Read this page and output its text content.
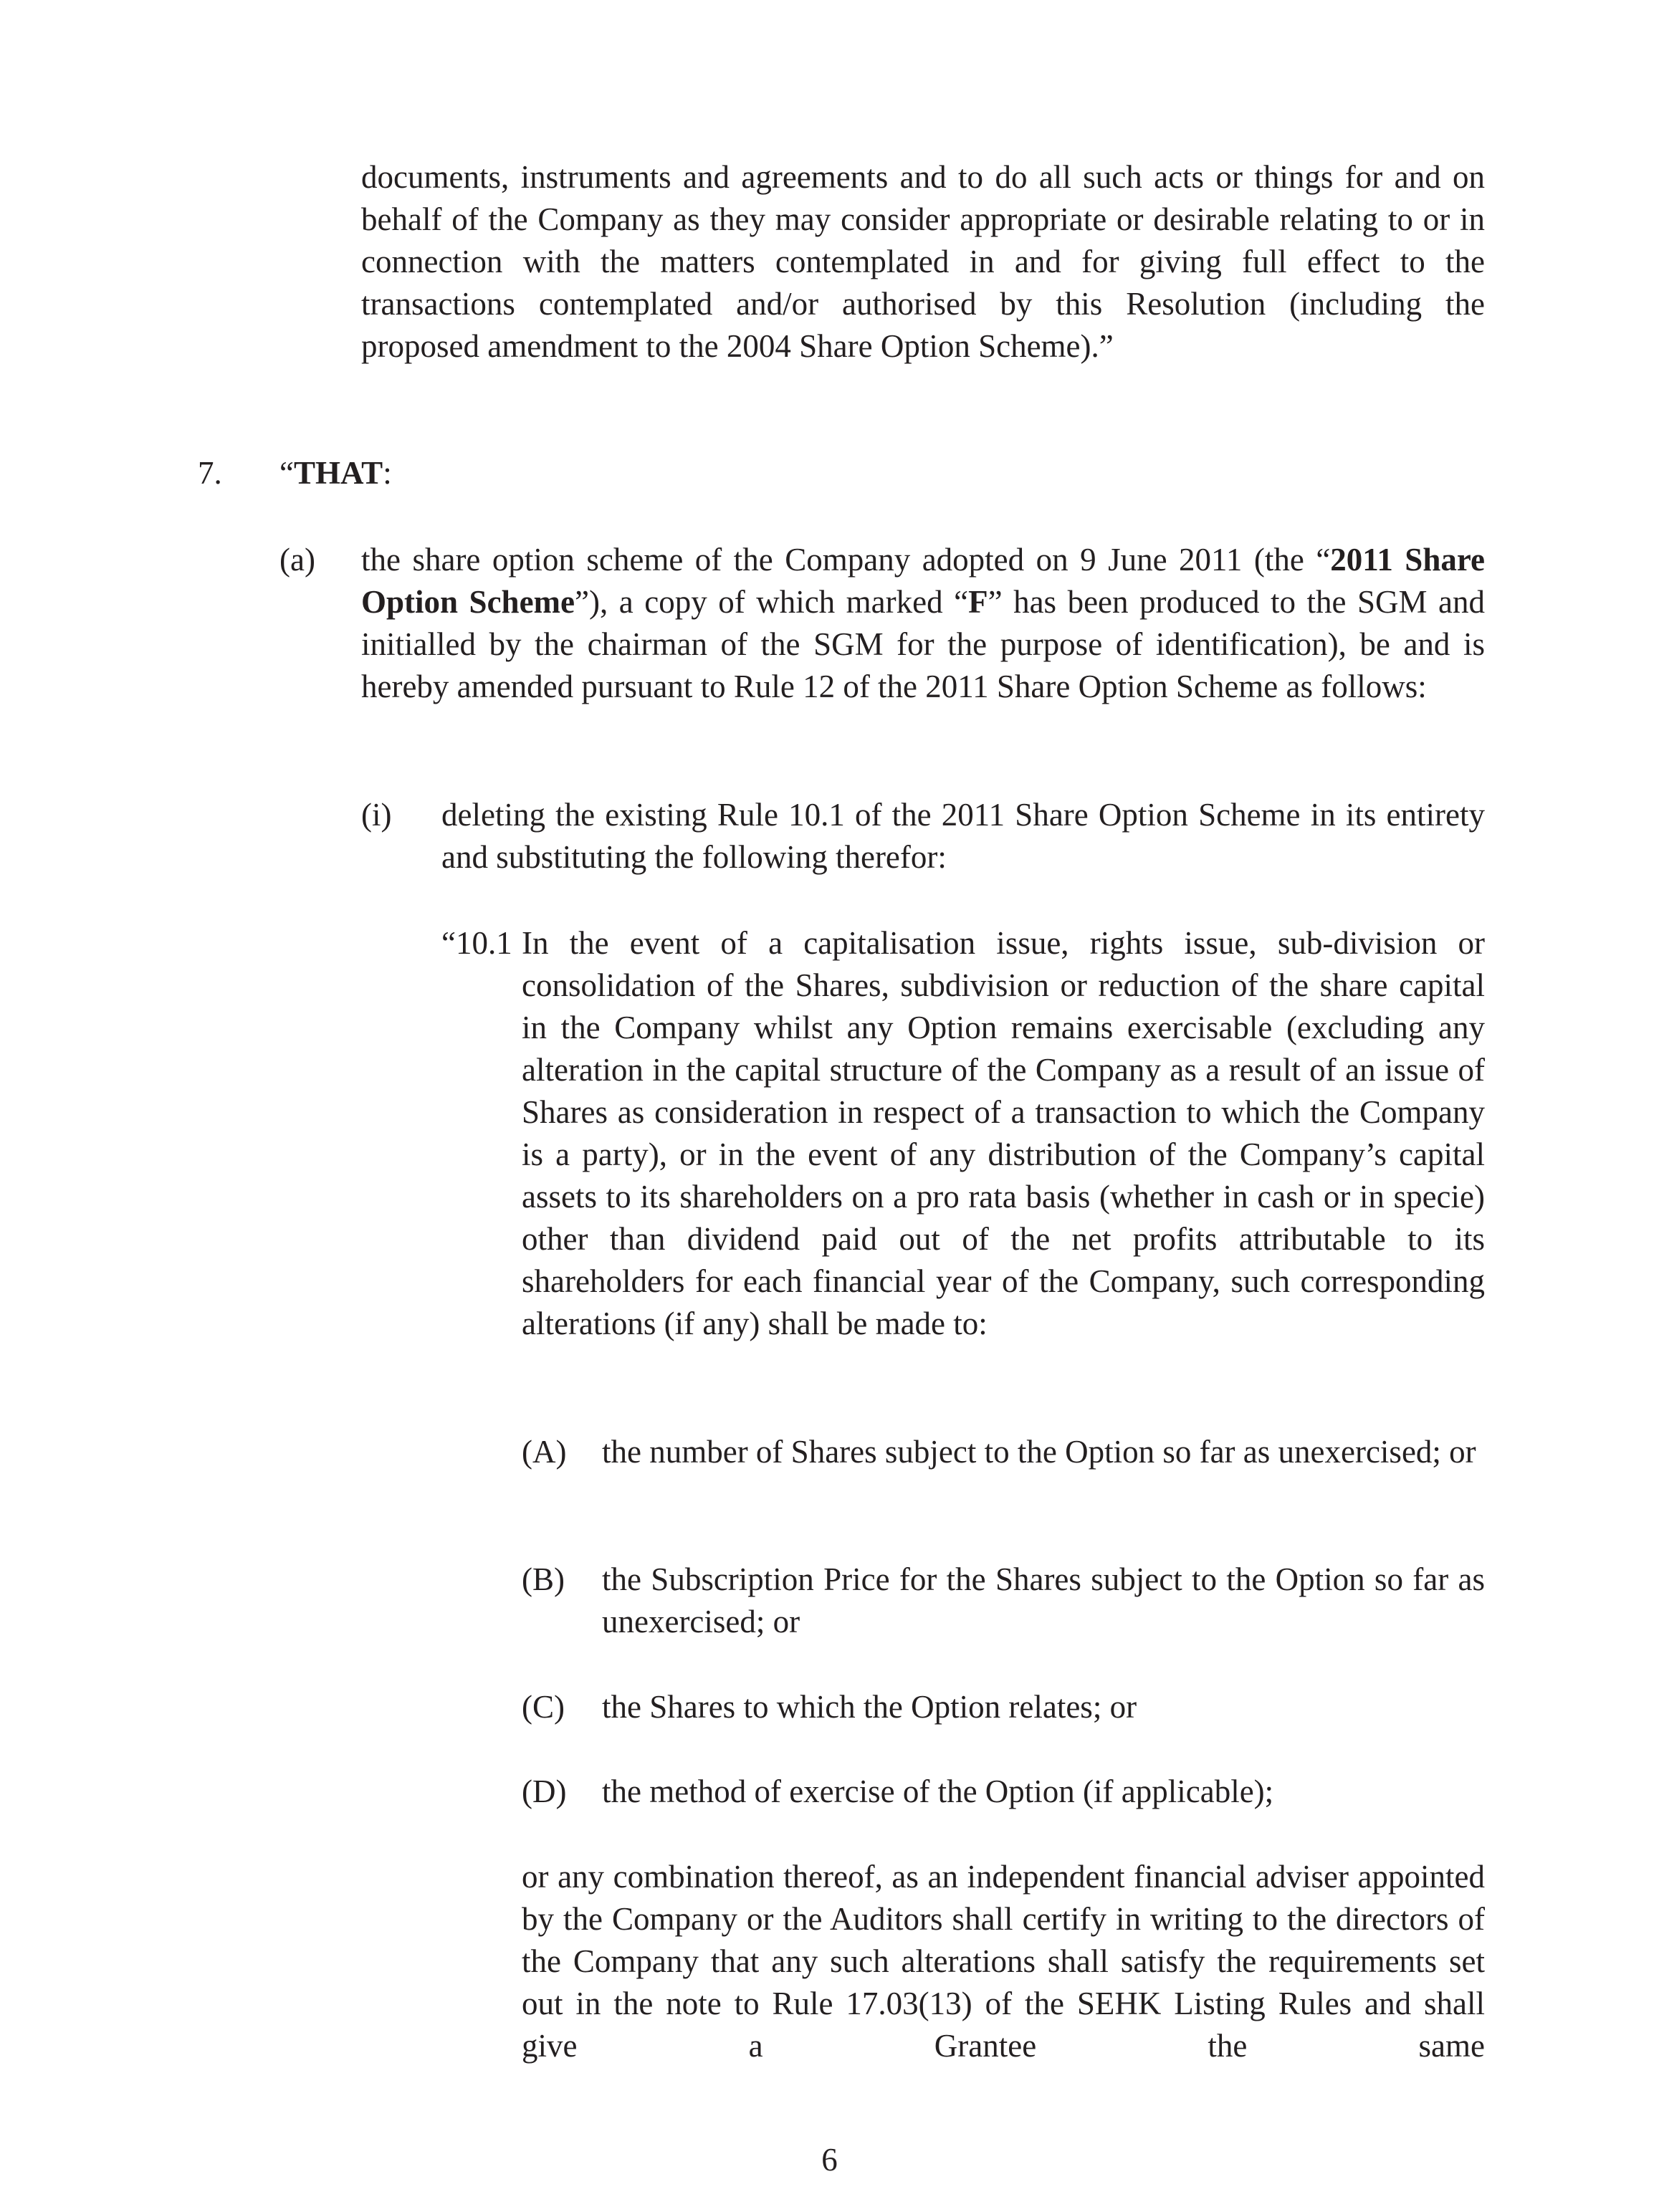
documents, instruments and agreements and to do all such acts or things for and on behalf of the Company as they may consider appropriate or desirable relating to or in connection with the matters contemplated in and for giving full effect to the transactions contemplated and/or authorised by this Resolution (including the proposed amendment to the 2004 Share Option Scheme).”
7. “THAT:
(a) the share option scheme of the Company adopted on 9 June 2011 (the “2011 Share Option Scheme”), a copy of which marked “F” has been produced to the SGM and initialled by the chairman of the SGM for the purpose of identification), be and is hereby amended pursuant to Rule 12 of the 2011 Share Option Scheme as follows:
(i) deleting the existing Rule 10.1 of the 2011 Share Option Scheme in its entirety and substituting the following therefor:
“10.1 In the event of a capitalisation issue, rights issue, sub-division or consolidation of the Shares, subdivision or reduction of the share capital in the Company whilst any Option remains exercisable (excluding any alteration in the capital structure of the Company as a result of an issue of Shares as consideration in respect of a transaction to which the Company is a party), or in the event of any distribution of the Company’s capital assets to its shareholders on a pro rata basis (whether in cash or in specie) other than dividend paid out of the net profits attributable to its shareholders for each financial year of the Company, such corresponding alterations (if any) shall be made to:
(A) the number of Shares subject to the Option so far as unexercised; or
(B) the Subscription Price for the Shares subject to the Option so far as unexercised; or
(C) the Shares to which the Option relates; or
(D) the method of exercise of the Option (if applicable);
or any combination thereof, as an independent financial adviser appointed by the Company or the Auditors shall certify in writing to the directors of the Company that any such alterations shall satisfy the requirements set out in the note to Rule 17.03(13) of the SEHK Listing Rules and shall give a Grantee the same
6
